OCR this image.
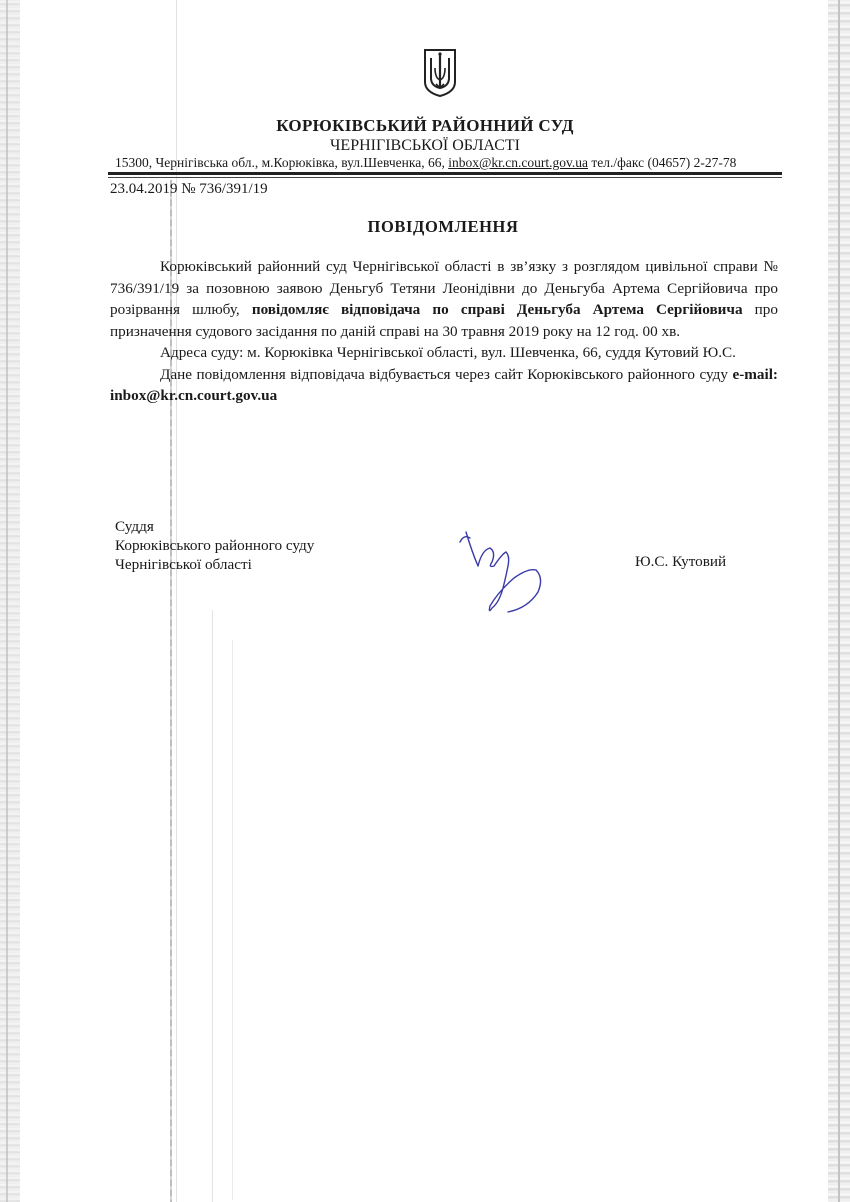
КОРЮКІВСЬКИЙ РАЙОННИЙ СУД
ЧЕРНІГІВСЬКОЇ ОБЛАСТІ
15300, Чернігівська обл., м.Корюківка, вул.Шевченка, 66, inbox@kr.cn.court.gov.ua тел./факс (04657) 2-27-78
23.04.2019 № 736/391/19
ПОВІДОМЛЕННЯ

Корюківський районний суд Чернігівської області в зв’язку з розглядом цивільної справи № 736/391/19 за позовною заявою Деньгуб Тетяни Леонідівни до Деньгуба Артема Сергійовича про розірвання шлюбу, повідомляє відповідача по справі Деньгуба Артема Сергійовича про призначення судового засідання по даній справі на 30 травня 2019 року на 12 год. 00 хв.

Адреса суду: м. Корюківка Чернігівської області, вул. Шевченка, 66, суддя Кутовий Ю.С.

Дане повідомлення відповідача відбувається через сайт Корюківського районного суду e-mail: inbox@kr.cn.court.gov.ua

Суддя
Корюківського районного суду
Чернігівської області	Ю.С. Кутовий
